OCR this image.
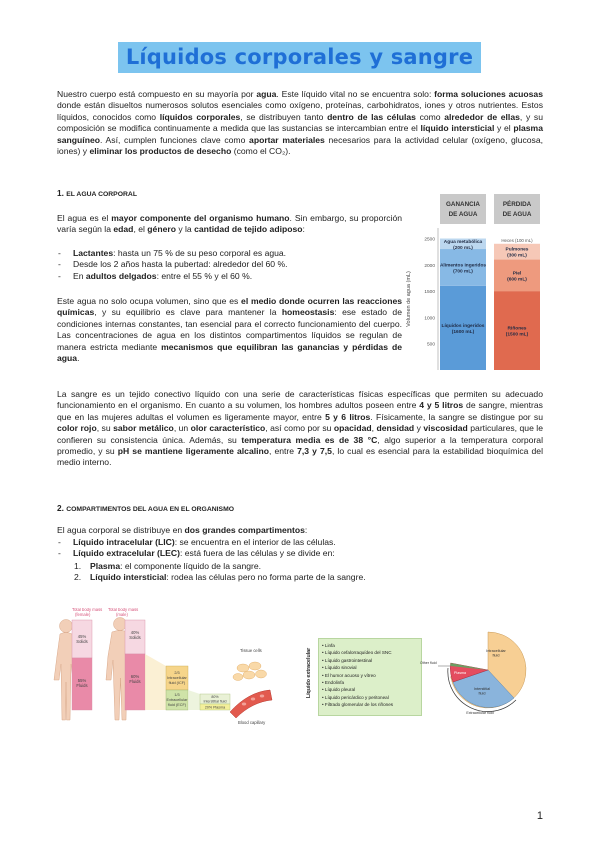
Líquidos corporales y sangre

Nuestro cuerpo está compuesto en su mayoría por agua. Este líquido vital no se encuentra solo: forma soluciones acuosas donde están disueltos numerosos solutos esenciales como oxígeno, proteínas, carbohidratos, iones y otros nutrientes. Estos líquidos, conocidos como líquidos corporales, se distribuyen tanto dentro de las células como alrededor de ellas, y su composición se modifica continuamente a medida que las sustancias se intercambian entre el líquido intersticial y el plasma sanguíneo. Así, cumplen funciones clave como aportar materiales necesarios para la actividad celular (oxígeno, glucosa, iones) y eliminar los productos de desecho (como el CO₂).

1. EL AGUA CORPORAL

El agua es el mayor componente del organismo humano. Sin embargo, su proporción varía según la edad, el género y la cantidad de tejido adiposo:

- Lactantes: hasta un 75 % de su peso corporal es agua.
- Desde los 2 años hasta la pubertad: alrededor del 60 %.
- En adultos delgados: entre el 55 % y el 60 %.

Este agua no solo ocupa volumen, sino que es el medio donde ocurren las reacciones químicas, y su equilibrio es clave para mantener la homeostasis: ese estado de condiciones internas constantes, tan esencial para el correcto funcionamiento del cuerpo. Las concentraciones de agua en los distintos compartimentos líquidos se regulan de manera estricta mediante mecanismos que equilibran las ganancias y pérdidas de agua.

GANANCIA
DE AGUA
PÉRDIDA
DE AGUA
Volumen de agua (mL)
2500
2000
1500
1000
500
Líquidos ingeridos
(1600 mL)
Alimentos ingeridos
(700 mL)
Agua metabólica
(200 mL)
Riñones
(1500 mL)
Piel
(600 mL)
Pulmones
(300 mL)
Heces (100 mL)

La sangre es un tejido conectivo líquido con una serie de características físicas específicas que permiten su adecuado funcionamiento en el organismo. En cuanto a su volumen, los hombres adultos poseen entre 4 y 5 litros de sangre, mientras que en las mujeres adultas el volumen es ligeramente mayor, entre 5 y 6 litros. Físicamente, la sangre se distingue por su color rojo, su sabor metálico, un olor característico, así como por su opacidad, densidad y viscosidad particulares, que le confieren su consistencia única. Además, su temperatura media es de 38 °C, algo superior a la temperatura corporal promedio, y su pH se mantiene ligeramente alcalino, entre 7,3 y 7,5, lo cual es esencial para la estabilidad bioquímica del medio interno.

2. COMPARTIMENTOS DEL AGUA EN EL ORGANISMO

El agua corporal se distribuye en dos grandes compartimentos:

- Líquido intracelular (LIC): se encuentra en el interior de las células.
- Líquido extracelular (LEC): está fuera de las células y se divide en:
1. Plasma: el componente líquido de la sangre.
2. Líquido intersticial: rodea las células pero no forma parte de la sangre.
Total body mass
(female)
45%
Solids
55%
Fluids
Total body mass
(male)
40%
Solids
60%
Fluids
2/3
Intracellular
fluid (ICF)
1/3
Extracellular
fluid (ECF)
80%
Interstitial fluid
20% Plasma
Tissue cells
Blood capillary
Líquido extracelular
• Linfa
• Líquido cefalorraquídeo del SNC
• Líquido gastrointestinal
• Líquido sinovial
• El humor acuoso y vítreo
• Endolinfa
• Líquido pleural
• Líquido pericárdico y peritoneal
• Filtrado glomerular de los riñones
Intracellular
fluid
Interstitial
fluid
Plasma
Other fluid
Extracellular fluid
1
